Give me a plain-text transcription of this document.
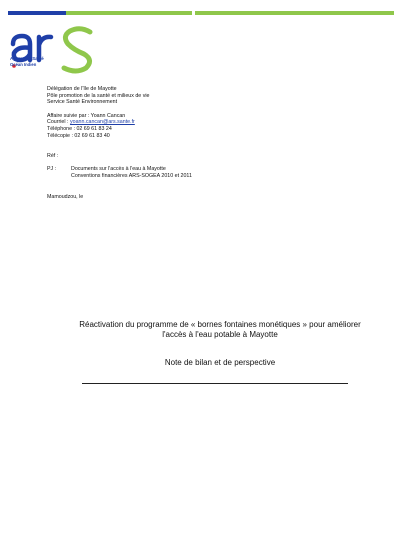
Agence de Santé
Océan Indien
Délégation de l'île de Mayotte
Pôle promotion de la santé et milieux de vie
Service Santé Environnement
Affaire suivie par : Yoann Cancan
Courriel : yoann.cancan@ars.sante.fr
Téléphone : 02 69 61 83 24
Télécopie : 02 69 61 83 40
Réf :
PJ :	Documents sur l'accès à l'eau à Mayotte
Conventions financières ARS-SOGEA 2010 et 2011
Mamoudzou, le
Réactivation du programme de « bornes fontaines monétiques » pour améliorer
l'accès à l'eau potable à Mayotte
Note de bilan et de perspective
